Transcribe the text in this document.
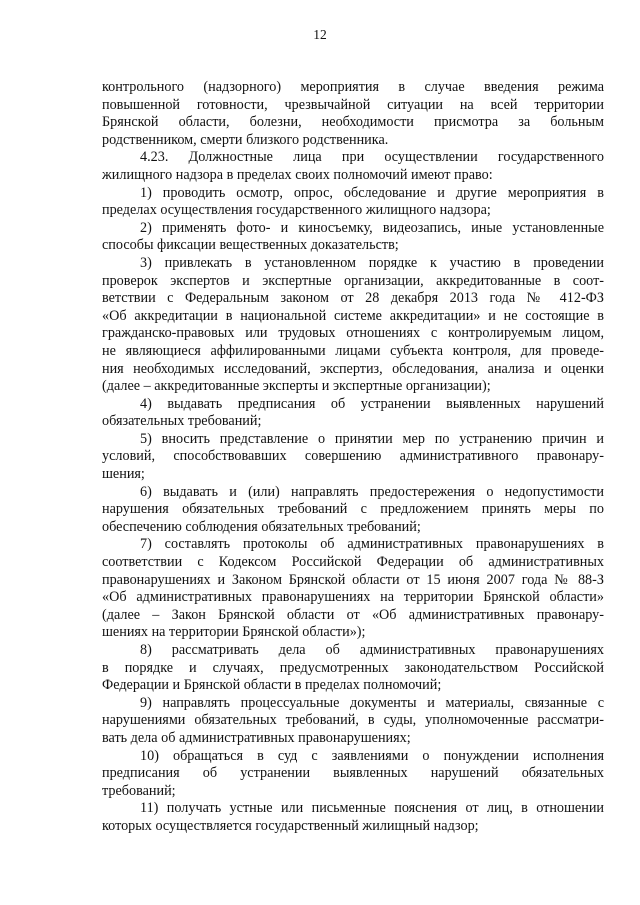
12
контрольного (надзорного) мероприятия в случае введения режима
повышенной готовности, чрезвычайной ситуации на всей территории
Брянской области, болезни, необходимости присмотра за больным
родственником, смерти близкого родственника.
4.23. Должностные лица при осуществлении государственного
жилищного надзора в пределах своих полномочий имеют право:
1) проводить осмотр, опрос, обследование и другие мероприятия в
пределах осуществления государственного жилищного надзора;
2) применять фото- и киносъемку, видеозапись, иные установленные
способы фиксации вещественных доказательств;
3) привлекать в установленном порядке к участию в проведении
проверок экспертов и экспертные организации, аккредитованные в соот-
ветствии с Федеральным законом от 28 декабря 2013 года № 412-ФЗ
«Об аккредитации в национальной системе аккредитации» и не состоящие в
гражданско-правовых или трудовых отношениях с контролируемым лицом,
не являющиеся аффилированными лицами субъекта контроля, для проведе-
ния необходимых исследований, экспертиз, обследования, анализа и оценки
(далее – аккредитованные эксперты и экспертные организации);
4) выдавать предписания об устранении выявленных нарушений
обязательных требований;
5) вносить представление о принятии мер по устранению причин и
условий, способствовавших совершению административного правонару-
шения;
6) выдавать и (или) направлять предостережения о недопустимости
нарушения обязательных требований с предложением принять меры по
обеспечению соблюдения обязательных требований;
7) составлять протоколы об административных правонарушениях в
соответствии с Кодексом Российской Федерации об административных
правонарушениях и Законом Брянской области от 15 июня 2007 года № 88-З
«Об административных правонарушениях на территории Брянской области»
(далее – Закон Брянской области от «Об административных правонару-
шениях на территории Брянской области»);
8) рассматривать дела об административных правонарушениях
в порядке и случаях, предусмотренных законодательством Российской
Федерации и Брянской области в пределах полномочий;
9) направлять процессуальные документы и материалы, связанные с
нарушениями обязательных требований, в суды, уполномоченные рассматри-
вать дела об административных правонарушениях;
10) обращаться в суд с заявлениями о понуждении исполнения
предписания об устранении выявленных нарушений обязательных
требований;
11) получать устные или письменные пояснения от лиц, в отношении
которых осуществляется государственный жилищный надзор;
